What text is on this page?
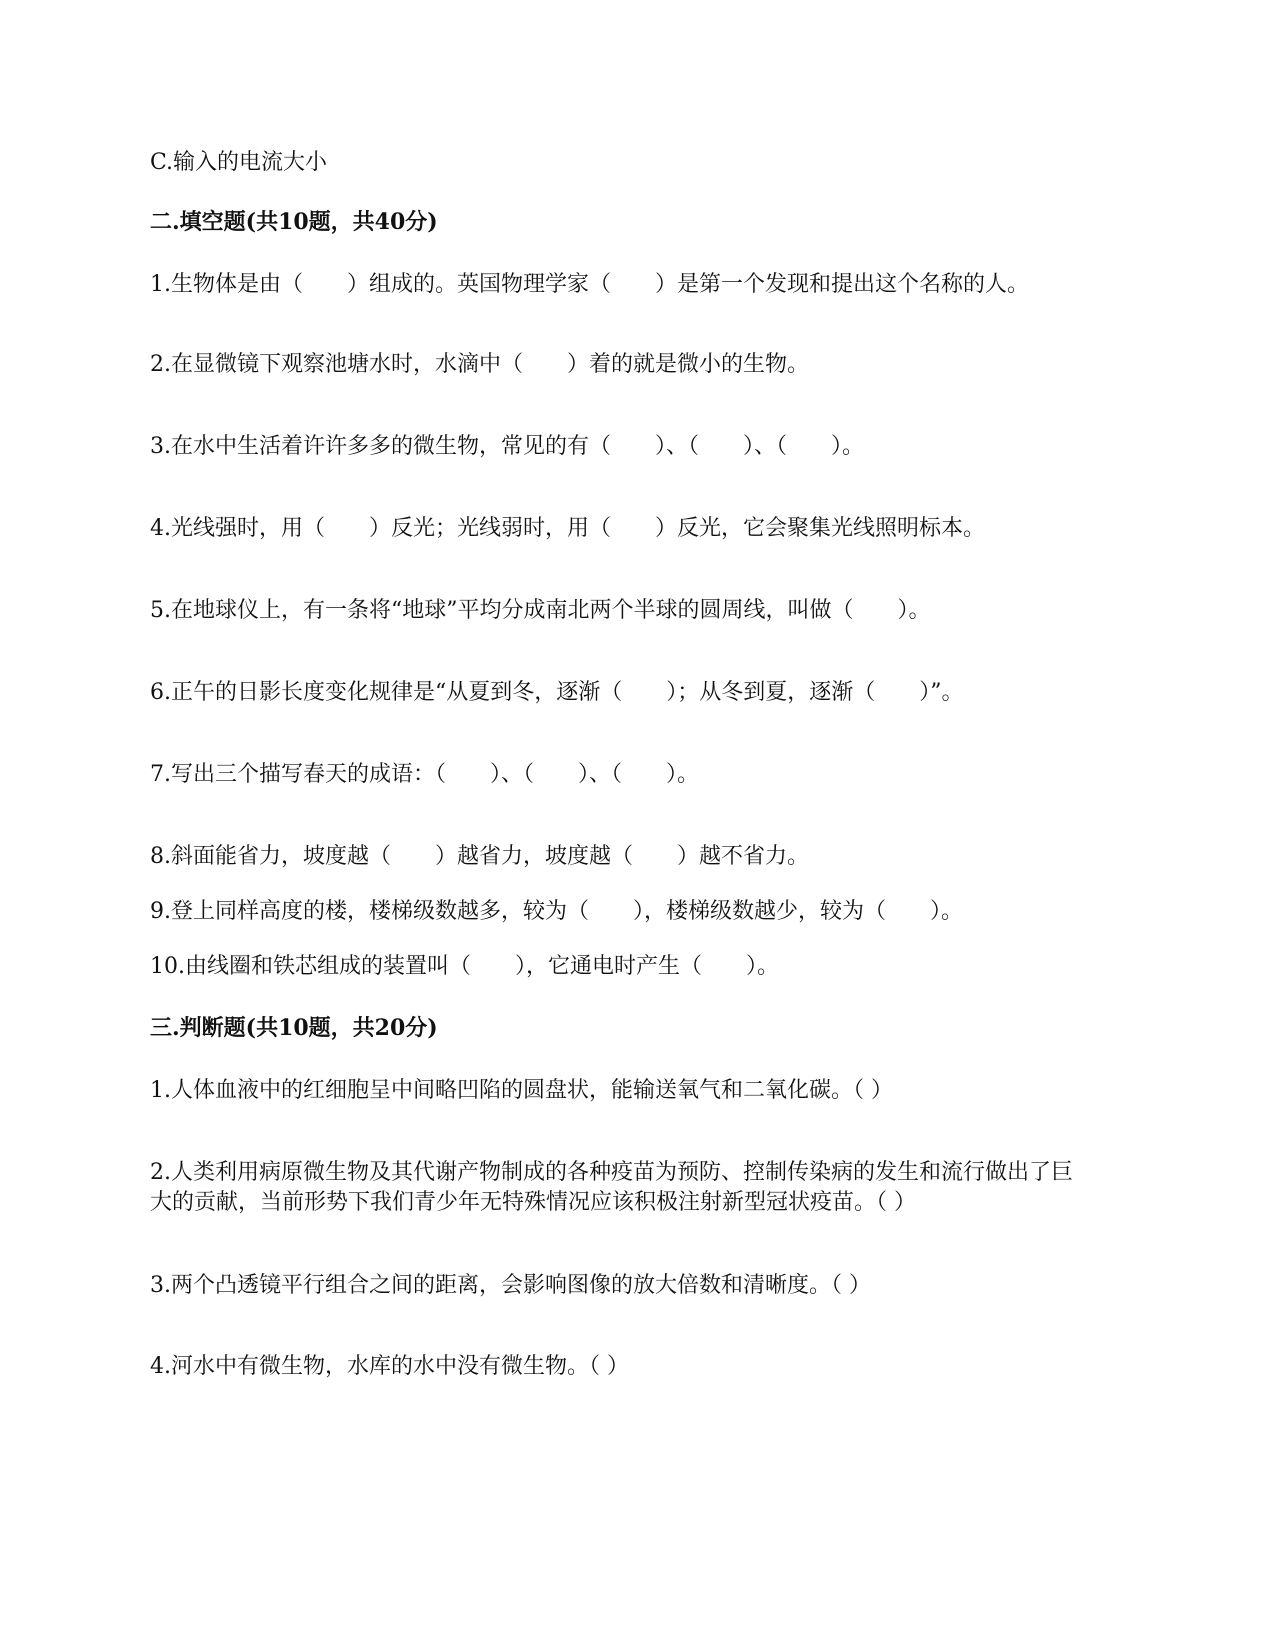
C.输入的电流大小
二.填空题(共10题，共40分)
1.生物体是由（　　）组成的。英国物理学家（　　）是第一个发现和提出这个名称的人。
2.在显微镜下观察池塘水时，水滴中（　　）着的就是微小的生物。
3.在水中生活着许许多多的微生物，常见的有（　　）、（　　）、（　　）。
4.光线强时，用（　　）反光；光线弱时，用（　　）反光，它会聚集光线照明标本。
5.在地球仪上，有一条将“地球”平均分成南北两个半球的圆周线，叫做（　　）。
6.正午的日影长度变化规律是“从夏到冬，逐渐（　　）；从冬到夏，逐渐（　　）”。
7.写出三个描写春天的成语：（　　）、（　　）、（　　）。
8.斜面能省力，坡度越（　　）越省力，坡度越（　　）越不省力。
9.登上同样高度的楼，楼梯级数越多，较为（　　），楼梯级数越少，较为（　　）。
10.由线圈和铁芯组成的装置叫（　　），它通电时产生（　　）。
三.判断题(共10题，共20分)
1.人体血液中的红细胞呈中间略凹陷的圆盘状，能输送氧气和二氧化碳。（ ）
2.人类利用病原微生物及其代谢产物制成的各种疫苗为预防、控制传染病的发生和流行做出了巨大的贡献，当前形势下我们青少年无特殊情况应该积极注射新型冠状疫苗。（ ）
3.两个凸透镜平行组合之间的距离，会影响图像的放大倍数和清晰度。（ ）
4.河水中有微生物，水库的水中没有微生物。（ ）
